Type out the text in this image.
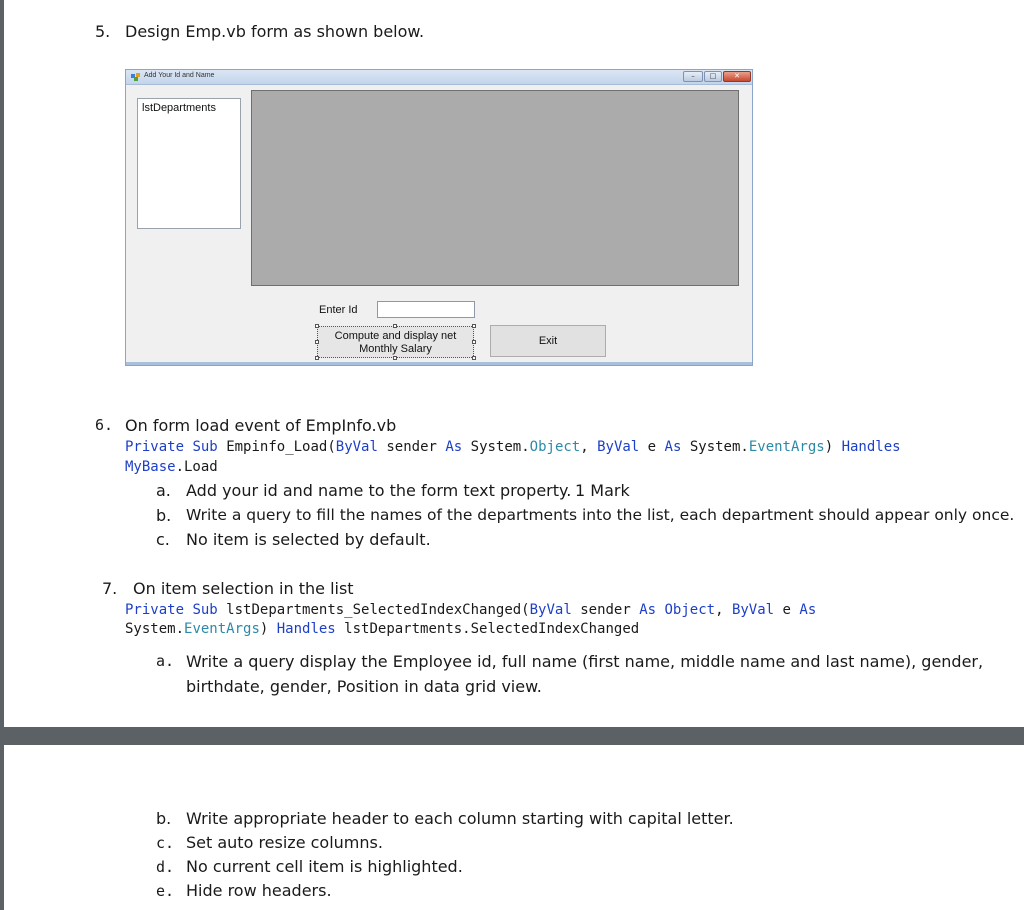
5. Design Emp.vb form as shown below.
Add Your Id and Name	–	□	✕
lstDepartments
Enter Id
Compute and display net
Monthly Salary
Exit
6. On form load event of EmpInfo.vb
Private Sub Empinfo_Load(ByVal sender As System.Object, ByVal e As System.EventArgs) Handles
MyBase.Load
a. Add your id and name to the form text property. 1 Mark
b. Write a query to fill the names of the departments into the list, each department should appear only once.
c. No item is selected by default.
7. On item selection in the list
Private Sub lstDepartments_SelectedIndexChanged(ByVal sender As Object, ByVal e As
System.EventArgs) Handles lstDepartments.SelectedIndexChanged
a. Write a query display the Employee id, full name (first name, middle name and last name), gender,
birthdate, gender, Position in data grid view.
b. Write appropriate header to each column starting with capital letter.
c. Set auto resize columns.
d. No current cell item is highlighted.
e. Hide row headers.
